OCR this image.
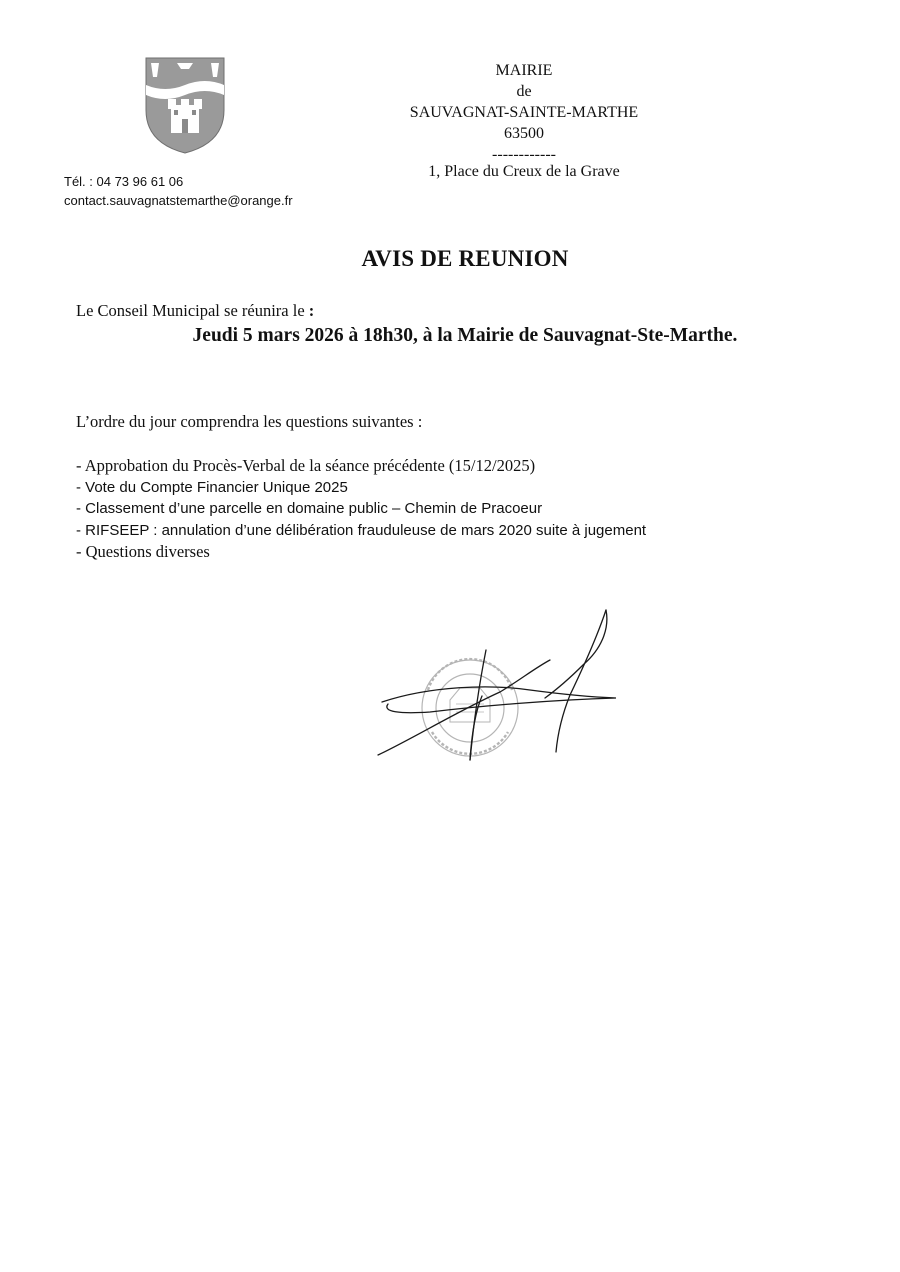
MAIRIE
de
SAUVAGNAT-SAINTE-MARTHE
63500
------------
1, Place du Creux de la Grave
Tél. : 04 73 96 61 06
contact.sauvagnatstemarthe@orange.fr
AVIS DE REUNION
Le Conseil Municipal se réunira le :
Jeudi 5 mars 2026 à 18h30, à la Mairie de Sauvagnat-Ste-Marthe.
L’ordre du jour comprendra les questions suivantes :
- Approbation du Procès-Verbal de la séance précédente (15/12/2025)
- Vote du Compte Financier Unique 2025
- Classement d’une parcelle en domaine public – Chemin de Pracoeur
- RIFSEEP : annulation d’une délibération frauduleuse de mars 2020 suite à jugement
- Questions diverses
